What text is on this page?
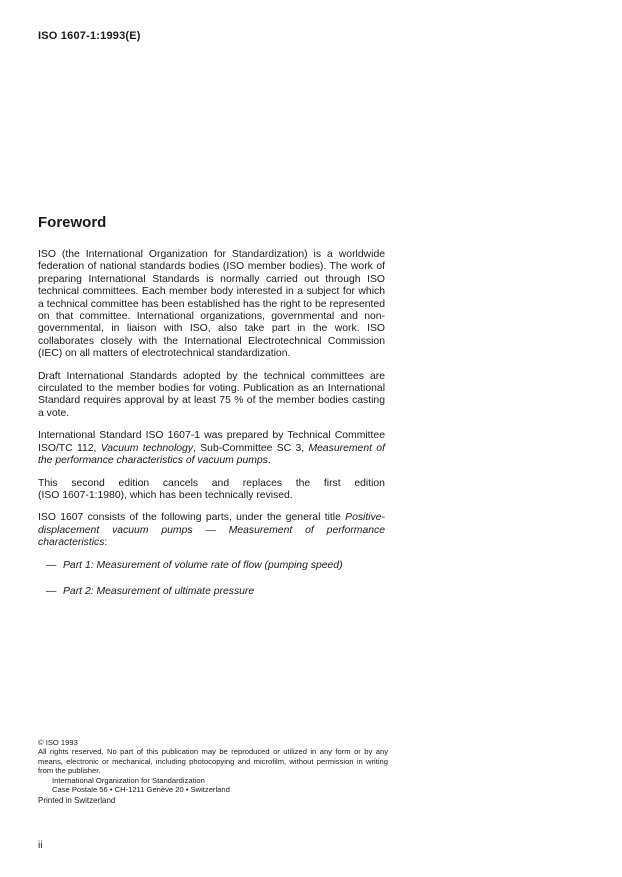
ISO 1607-1:1993(E)
Foreword

ISO (the International Organization for Standardization) is a worldwide federation of national standards bodies (ISO member bodies). The work of preparing International Standards is normally carried out through ISO technical committees. Each member body interested in a subject for which a technical committee has been established has the right to be represented on that committee. International organizations, governmental and non-governmental, in liaison with ISO, also take part in the work. ISO collaborates closely with the International Electrotechnical Commission (IEC) on all matters of electrotechnical standardization.

Draft International Standards adopted by the technical committees are circulated to the member bodies for voting. Publication as an International Standard requires approval by at least 75 % of the member bodies casting a vote.

International Standard ISO 1607-1 was prepared by Technical Committee ISO/TC 112, Vacuum technology, Sub-Committee SC 3, Measurement of the performance characteristics of vacuum pumps.

This second edition cancels and replaces the first edition
(ISO 1607-1:1980), which has been technically revised.

ISO 1607 consists of the following parts, under the general title Positive-displacement vacuum pumps — Measurement of performance characteristics:

— Part 1: Measurement of volume rate of flow (pumping speed)
— Part 2: Measurement of ultimate pressure
© ISO 1993

All rights reserved. No part of this publication may be reproduced or utilized in any form or by any means, electronic or mechanical, including photocopying and microfilm, without permission in writing from the publisher.

International Organization for Standardization

Case Postale 56 • CH-1211 Genève 20 • Switzerland

Printed in Switzerland

ii
